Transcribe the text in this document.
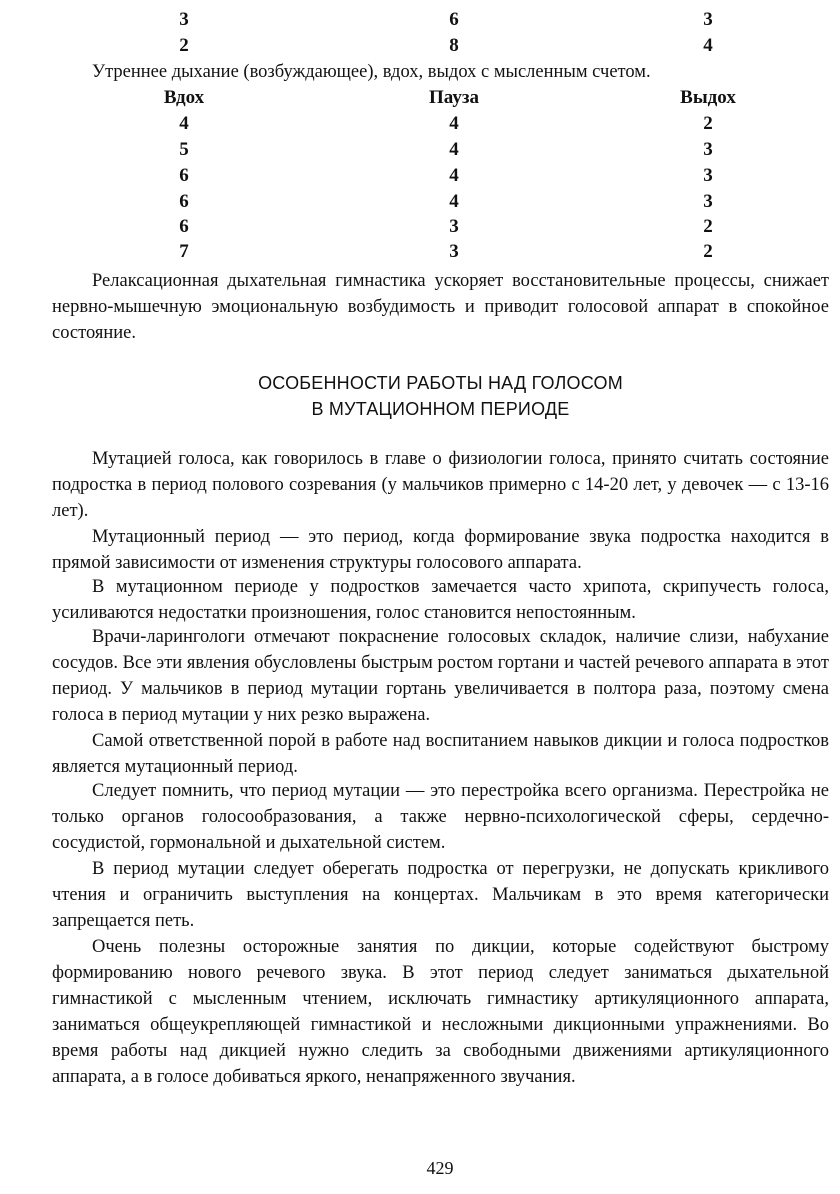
3	6	3
2	8	4
Утреннее дыхание (возбуждающее), вдох, выдох с мысленным счетом.
Вдох	Пауза	Выдох
4	4	2
5	4	3
6	4	3
6	4	3
6	3	2
7	3	2

Релаксационная дыхательная гимнастика ускоряет восстановительные процессы, снижает нервно-мышечную эмоциональную возбудимость и приводит голосовой аппарат в спокойное состояние.

ОСОБЕННОСТИ РАБОТЫ НАД ГОЛОСОМ
В МУТАЦИОННОМ ПЕРИОДЕ

Мутацией голоса, как говорилось в главе о физиологии голоса, принято считать состояние подростка в период полового созревания (у мальчиков примерно с 14-20 лет, у девочек — с 13-16 лет).

Мутационный период — это период, когда формирование звука подростка находится в прямой зависимости от изменения структуры голосового аппарата.

В мутационном периоде у подростков замечается часто хрипота, скрипучесть голоса, усиливаются недостатки произношения, голос становится непостоянным.

Врачи-ларингологи отмечают покраснение голосовых складок, наличие слизи, набухание сосудов. Все эти явления обусловлены быстрым ростом гортани и частей речевого аппарата в этот период. У мальчиков в период мутации гортань увеличивается в полтора раза, поэтому смена голоса в период мутации у них резко выражена.

Самой ответственной порой в работе над воспитанием навыков дикции и голоса подростков является мутационный период.

Следует помнить, что период мутации — это перестройка всего организма. Перестройка не только органов голосообразования, а также нервно-психологической сферы, сердечно-сосудистой, гормональной и дыхательной систем.

В период мутации следует оберегать подростка от перегрузки, не допускать крикливого чтения и ограничить выступления на концертах. Мальчикам в это время категорически запрещается петь.

Очень полезны осторожные занятия по дикции, которые содействуют быстрому формированию нового речевого звука. В этот период следует заниматься дыхательной гимнастикой с мысленным чтением, исключать гимнастику артикуляционного аппарата, заниматься общеукрепляющей гимнастикой и несложными дикционными упражнениями. Во время работы над дикцией нужно следить за свободными движениями артикуляционного аппарата, а в голосе добиваться яркого, ненапряженного звучания.

429
